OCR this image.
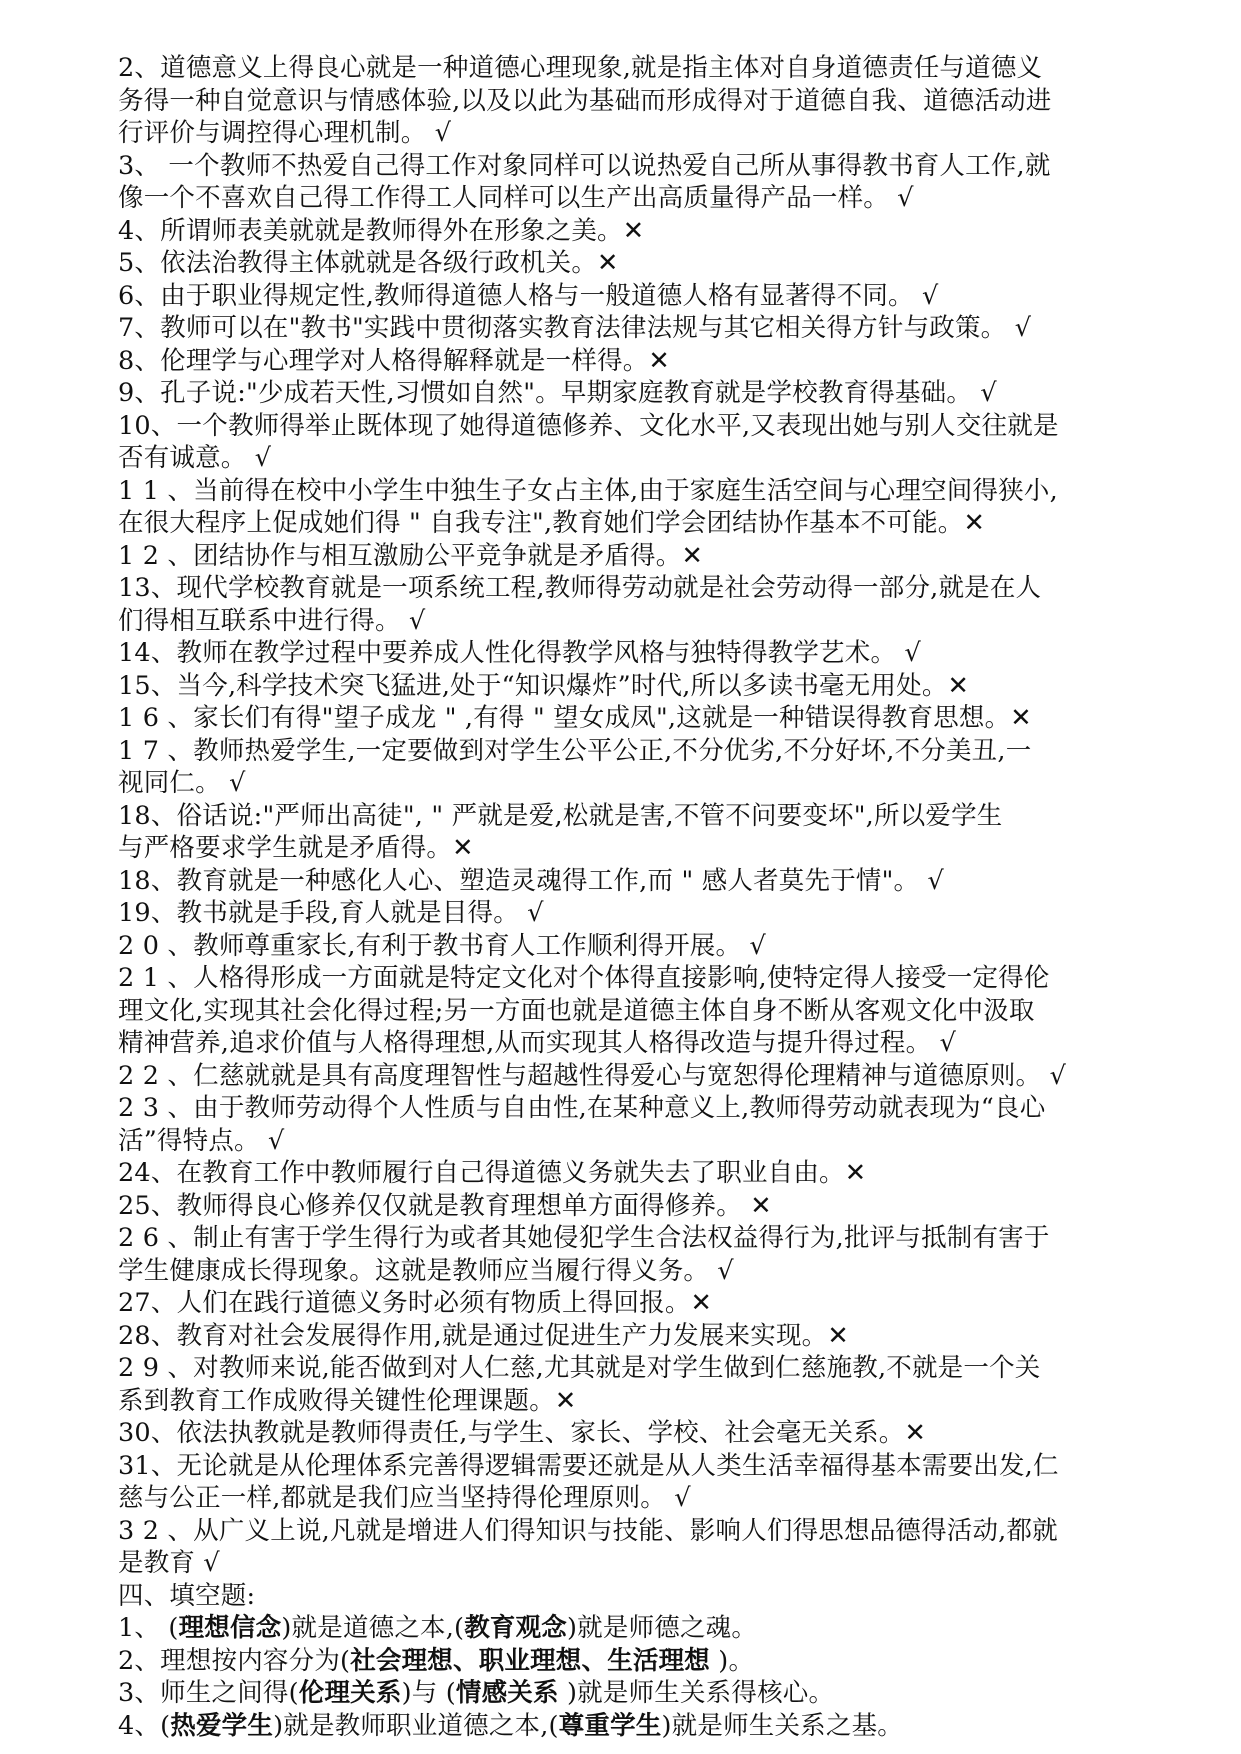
2、道德意义上得良心就是一种道德心理现象,就是指主体对自身道德责任与道德义
务得一种自觉意识与情感体验,以及以此为基础而形成得对于道德自我、道德活动进
行评价与调控得心理机制。 √
3、 一个教师不热爱自己得工作对象同样可以说热爱自己所从事得教书育人工作,就
像一个不喜欢自己得工作得工人同样可以生产出高质量得产品一样。 √
4、所谓师表美就就是教师得外在形象之美。✕
5、依法治教得主体就就是各级行政机关。✕
6、由于职业得规定性,教师得道德人格与一般道德人格有显著得不同。 √
7、教师可以在"教书"实践中贯彻落实教育法律法规与其它相关得方针与政策。 √
8、伦理学与心理学对人格得解释就是一样得。✕
9、孔子说:"少成若天性,习惯如自然"。早期家庭教育就是学校教育得基础。 √
10、一个教师得举止既体现了她得道德修养、文化水平,又表现出她与别人交往就是
否有诚意。 √
1 1 、当前得在校中小学生中独生子女占主体,由于家庭生活空间与心理空间得狭小,
在很大程序上促成她们得 " 自我专注",教育她们学会团结协作基本不可能。✕
1 2 、团结协作与相互激励公平竞争就是矛盾得。✕
13、现代学校教育就是一项系统工程,教师得劳动就是社会劳动得一部分,就是在人
们得相互联系中进行得。 √
14、教师在教学过程中要养成人性化得教学风格与独特得教学艺术。 √
15、当今,科学技术突飞猛进,处于“知识爆炸”时代,所以多读书毫无用处。✕
1 6 、家长们有得"望子成龙 " ,有得 " 望女成凤",这就是一种错误得教育思想。✕
1 7 、教师热爱学生,一定要做到对学生公平公正,不分优劣,不分好坏,不分美丑,一
视同仁。 √
18、俗话说:"严师出高徒", " 严就是爱,松就是害,不管不问要变坏",所以爱学生
与严格要求学生就是矛盾得。✕
18、教育就是一种感化人心、塑造灵魂得工作,而 " 感人者莫先于情"。 √
19、教书就是手段,育人就是目得。 √
2 0 、教师尊重家长,有利于教书育人工作顺利得开展。 √
2 1 、人格得形成一方面就是特定文化对个体得直接影响,使特定得人接受一定得伦
理文化,实现其社会化得过程;另一方面也就是道德主体自身不断从客观文化中汲取
精神营养,追求价值与人格得理想,从而实现其人格得改造与提升得过程。 √
2 2 、仁慈就就是具有高度理智性与超越性得爱心与宽恕得伦理精神与道德原则。 √
2 3 、由于教师劳动得个人性质与自由性,在某种意义上,教师得劳动就表现为“良心
活”得特点。 √
24、在教育工作中教师履行自己得道德义务就失去了职业自由。✕
25、教师得良心修养仅仅就是教育理想单方面得修养。 ✕
2 6 、制止有害于学生得行为或者其她侵犯学生合法权益得行为,批评与抵制有害于
学生健康成长得现象。这就是教师应当履行得义务。 √
27、人们在践行道德义务时必须有物质上得回报。✕
28、教育对社会发展得作用,就是通过促进生产力发展来实现。✕
2 9 、对教师来说,能否做到对人仁慈,尤其就是对学生做到仁慈施教,不就是一个关
系到教育工作成败得关键性伦理课题。✕
30、依法执教就是教师得责任,与学生、家长、学校、社会毫无关系。✕
31、无论就是从伦理体系完善得逻辑需要还就是从人类生活幸福得基本需要出发,仁
慈与公正一样,都就是我们应当坚持得伦理原则。 √
3 2 、从广义上说,凡就是增进人们得知识与技能、影响人们得思想品德得活动,都就
是教育 √
四、填空题:
1、 (理想信念)就是道德之本,(教育观念)就是师德之魂。
2、理想按内容分为(社会理想、职业理想、生活理想 )。
3、师生之间得(伦理关系)与 (情感关系 )就是师生关系得核心。
4、(热爱学生)就是教师职业道德之本,(尊重学生)就是师生关系之基。
